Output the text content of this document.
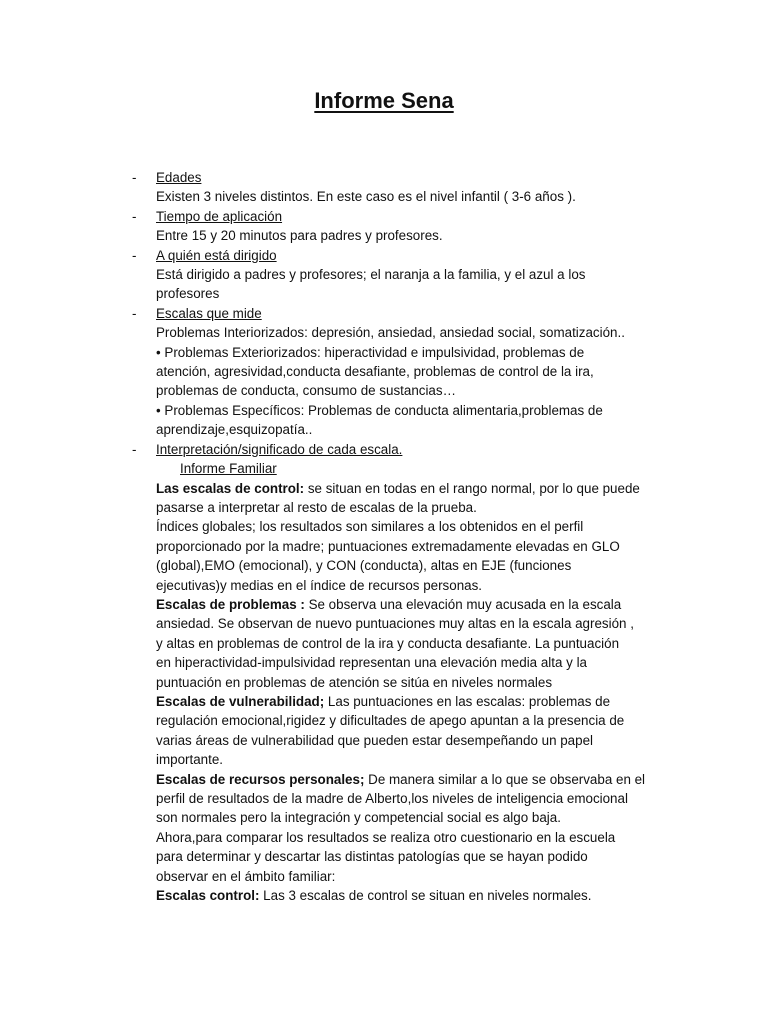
Informe Sena
- Edades
Existen 3 niveles distintos. En este caso es el nivel infantil ( 3-6 años ).
- Tiempo de aplicación
Entre 15 y 20 minutos para padres y profesores.
- A quién está dirigido
Está dirigido a padres y profesores; el naranja a la familia, y el azul a los
profesores
- Escalas que mide
Problemas Interiorizados: depresión, ansiedad, ansiedad social, somatización..
• Problemas Exteriorizados: hiperactividad e impulsividad, problemas de
atención, agresividad,conducta desafiante, problemas de control de la ira,
problemas de conducta, consumo de sustancias…
• Problemas Específicos: Problemas de conducta alimentaria,problemas de
aprendizaje,esquizopatía..
- Interpretación/significado de cada escala.
Informe Familiar
Las escalas de control: se situan en todas en el rango normal, por lo que puede
pasarse a interpretar al resto de escalas de la prueba.
Índices globales; los resultados son similares a los obtenidos en el perfil
proporcionado por la madre; puntuaciones extremadamente elevadas en GLO
(global),EMO (emocional), y CON (conducta), altas en EJE (funciones
ejecutivas)y medias en el índice de recursos personas.
Escalas de problemas : Se observa una elevación muy acusada en la escala
ansiedad. Se observan de nuevo puntuaciones muy altas en la escala agresión ,
y altas en problemas de control de la ira y conducta desafiante. La puntuación
en hiperactividad-impulsividad representan una elevación media alta y la
puntuación en problemas de atención se sitúa en niveles normales
Escalas de vulnerabilidad; Las puntuaciones en las escalas: problemas de
regulación emocional,rigidez y dificultades de apego apuntan a la presencia de
varias áreas de vulnerabilidad que pueden estar desempeñando un papel
importante.
Escalas de recursos personales; De manera similar a lo que se observaba en el
perfil de resultados de la madre de Alberto,los niveles de inteligencia emocional
son normales pero la integración y competencial social es algo baja.
Ahora,para comparar los resultados se realiza otro cuestionario en la escuela
para determinar y descartar las distintas patologías que se hayan podido
observar en el ámbito familiar:
Escalas control: Las 3 escalas de control se situan en niveles normales.
